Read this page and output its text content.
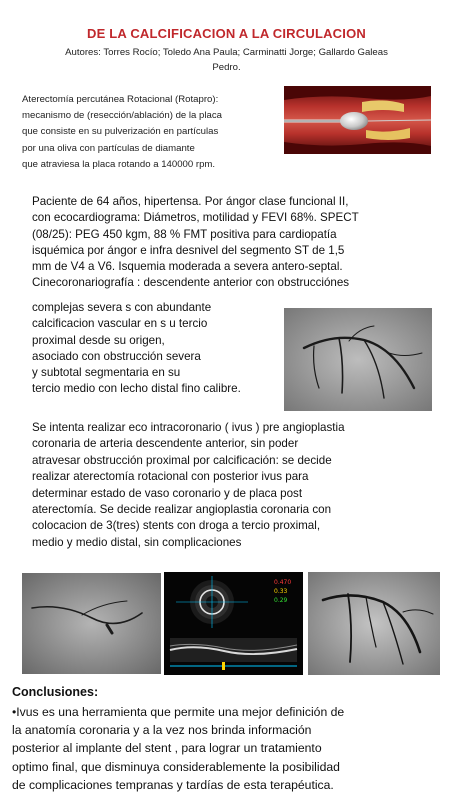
DE LA CALCIFICACION A LA CIRCULACION
Autores: Torres Rocío; Toledo Ana Paula; Carminatti Jorge; Gallardo Galeas
Pedro.
Aterectomía percutánea Rotacional (Rotapro):
mecanismo de (resección/ablación) de la placa
que consiste en su pulverización en partículas
por una oliva con partículas de diamante
que atraviesa la placa rotando a 140000 rpm.
Paciente de 64 años, hipertensa. Por ángor clase funcional II,
con ecocardiograma: Diámetros, motilidad y FEVI 68%. SPECT
(08/25): PEG 450 kgm, 88 % FMT positiva para cardiopatía
isquémica por ángor e infra desnivel del segmento ST de 1,5
mm de V4 a V6. Isquemia moderada a severa antero-septal.
Cinecoronariografía : descendente anterior con obstrucciónes
complejas severa s con abundante
calcificacion vascular en s u tercio
proximal desde su origen,
asociado con obstrucción severa
y subtotal segmentaria en su
tercio medio con lecho distal fino calibre.
Se intenta realizar eco intracoronario ( ivus ) pre angioplastia
coronaria de arteria descendente anterior, sin poder
atravesar obstrucción proximal por calcificación: se decide
realizar aterectomía rotacional con posterior ivus para
determinar estado de vaso coronario y de placa post
aterectomía. Se decide realizar angioplastia coronaria con
colocacion de 3(tres) stents con droga a tercio proximal,
medio y medio distal, sin complicaciones
0.470
0.33
0.29
Conclusiones:
•Ivus es una herramienta que permite una mejor definición de
la anatomía coronaria y a la vez nos brinda información
posterior al implante del stent , para lograr un tratamiento
optimo final, que disminuya considerablemente la posibilidad
de complicaciones tempranas y tardías de esta terapéutica.
